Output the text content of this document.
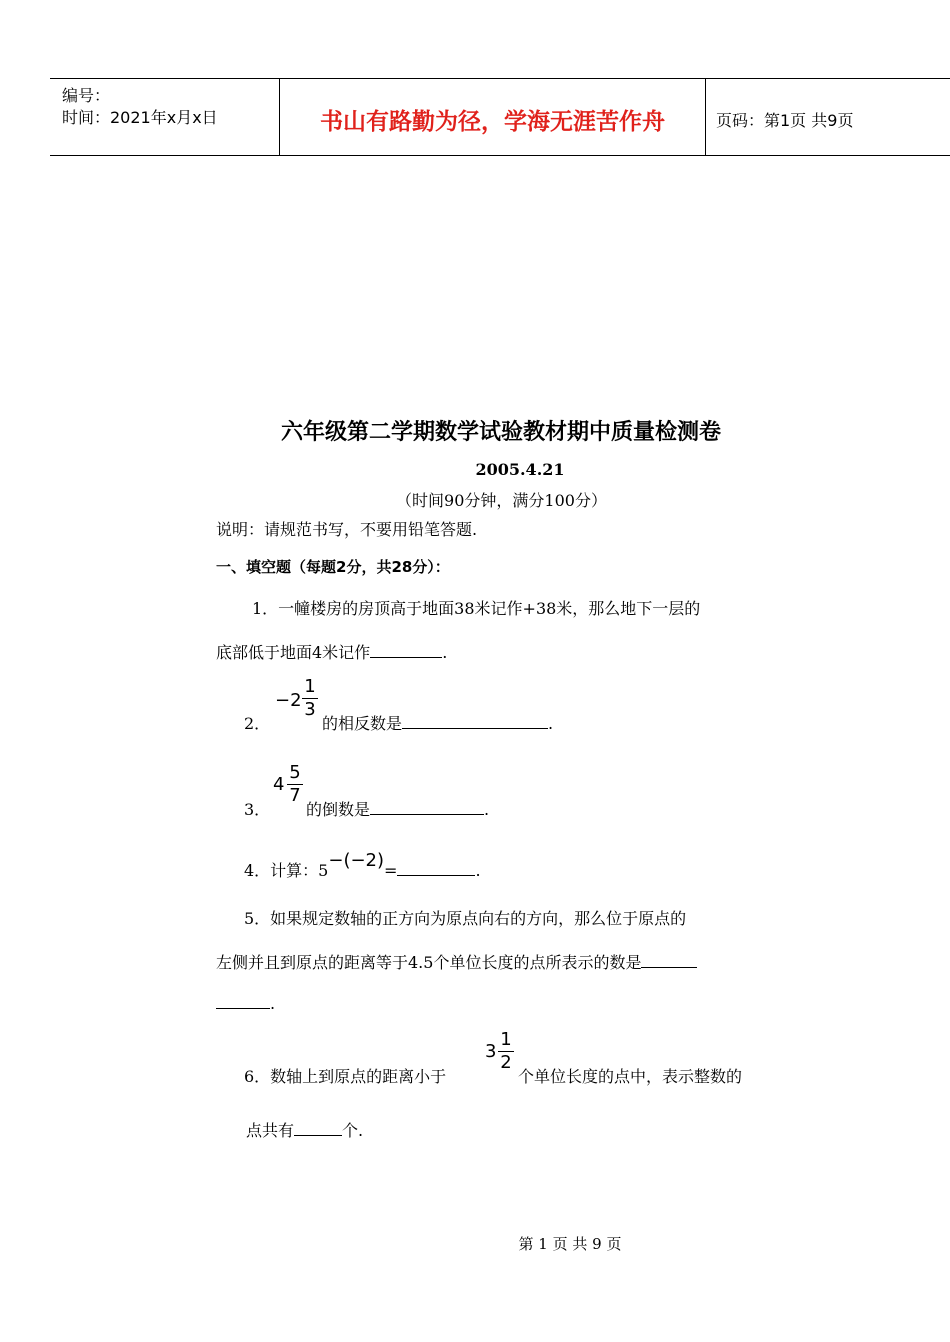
编号：
时间：2021年x月x日	书山有路勤为径，学海无涯苦作舟	页码：第1页 共9页
六年级第二学期数学试验教材期中质量检测卷
2005.4.21
（时间90分钟，满分100分）
说明：请规范书写，不要用铅笔答题.
一、填空题（每题2分，共28分）：
1．一幢楼房的房顶高于地面38米记作+38米，那么地下一层的
底部低于地面4米记作	.
2．
−2
1
3
的相反数是	.
3．
4
5
7
的倒数是	.
4．计算：5−(−2)=	.
5．如果规定数轴的正方向为原点向右的方向，那么位于原点的
左侧并且到原点的距离等于4.5个单位长度的点所表示的数是
.
6．数轴上到原点的距离小于
3
1
2
个单位长度的点中，表示整数的
点共有	个.
第 1 页 共 9 页
